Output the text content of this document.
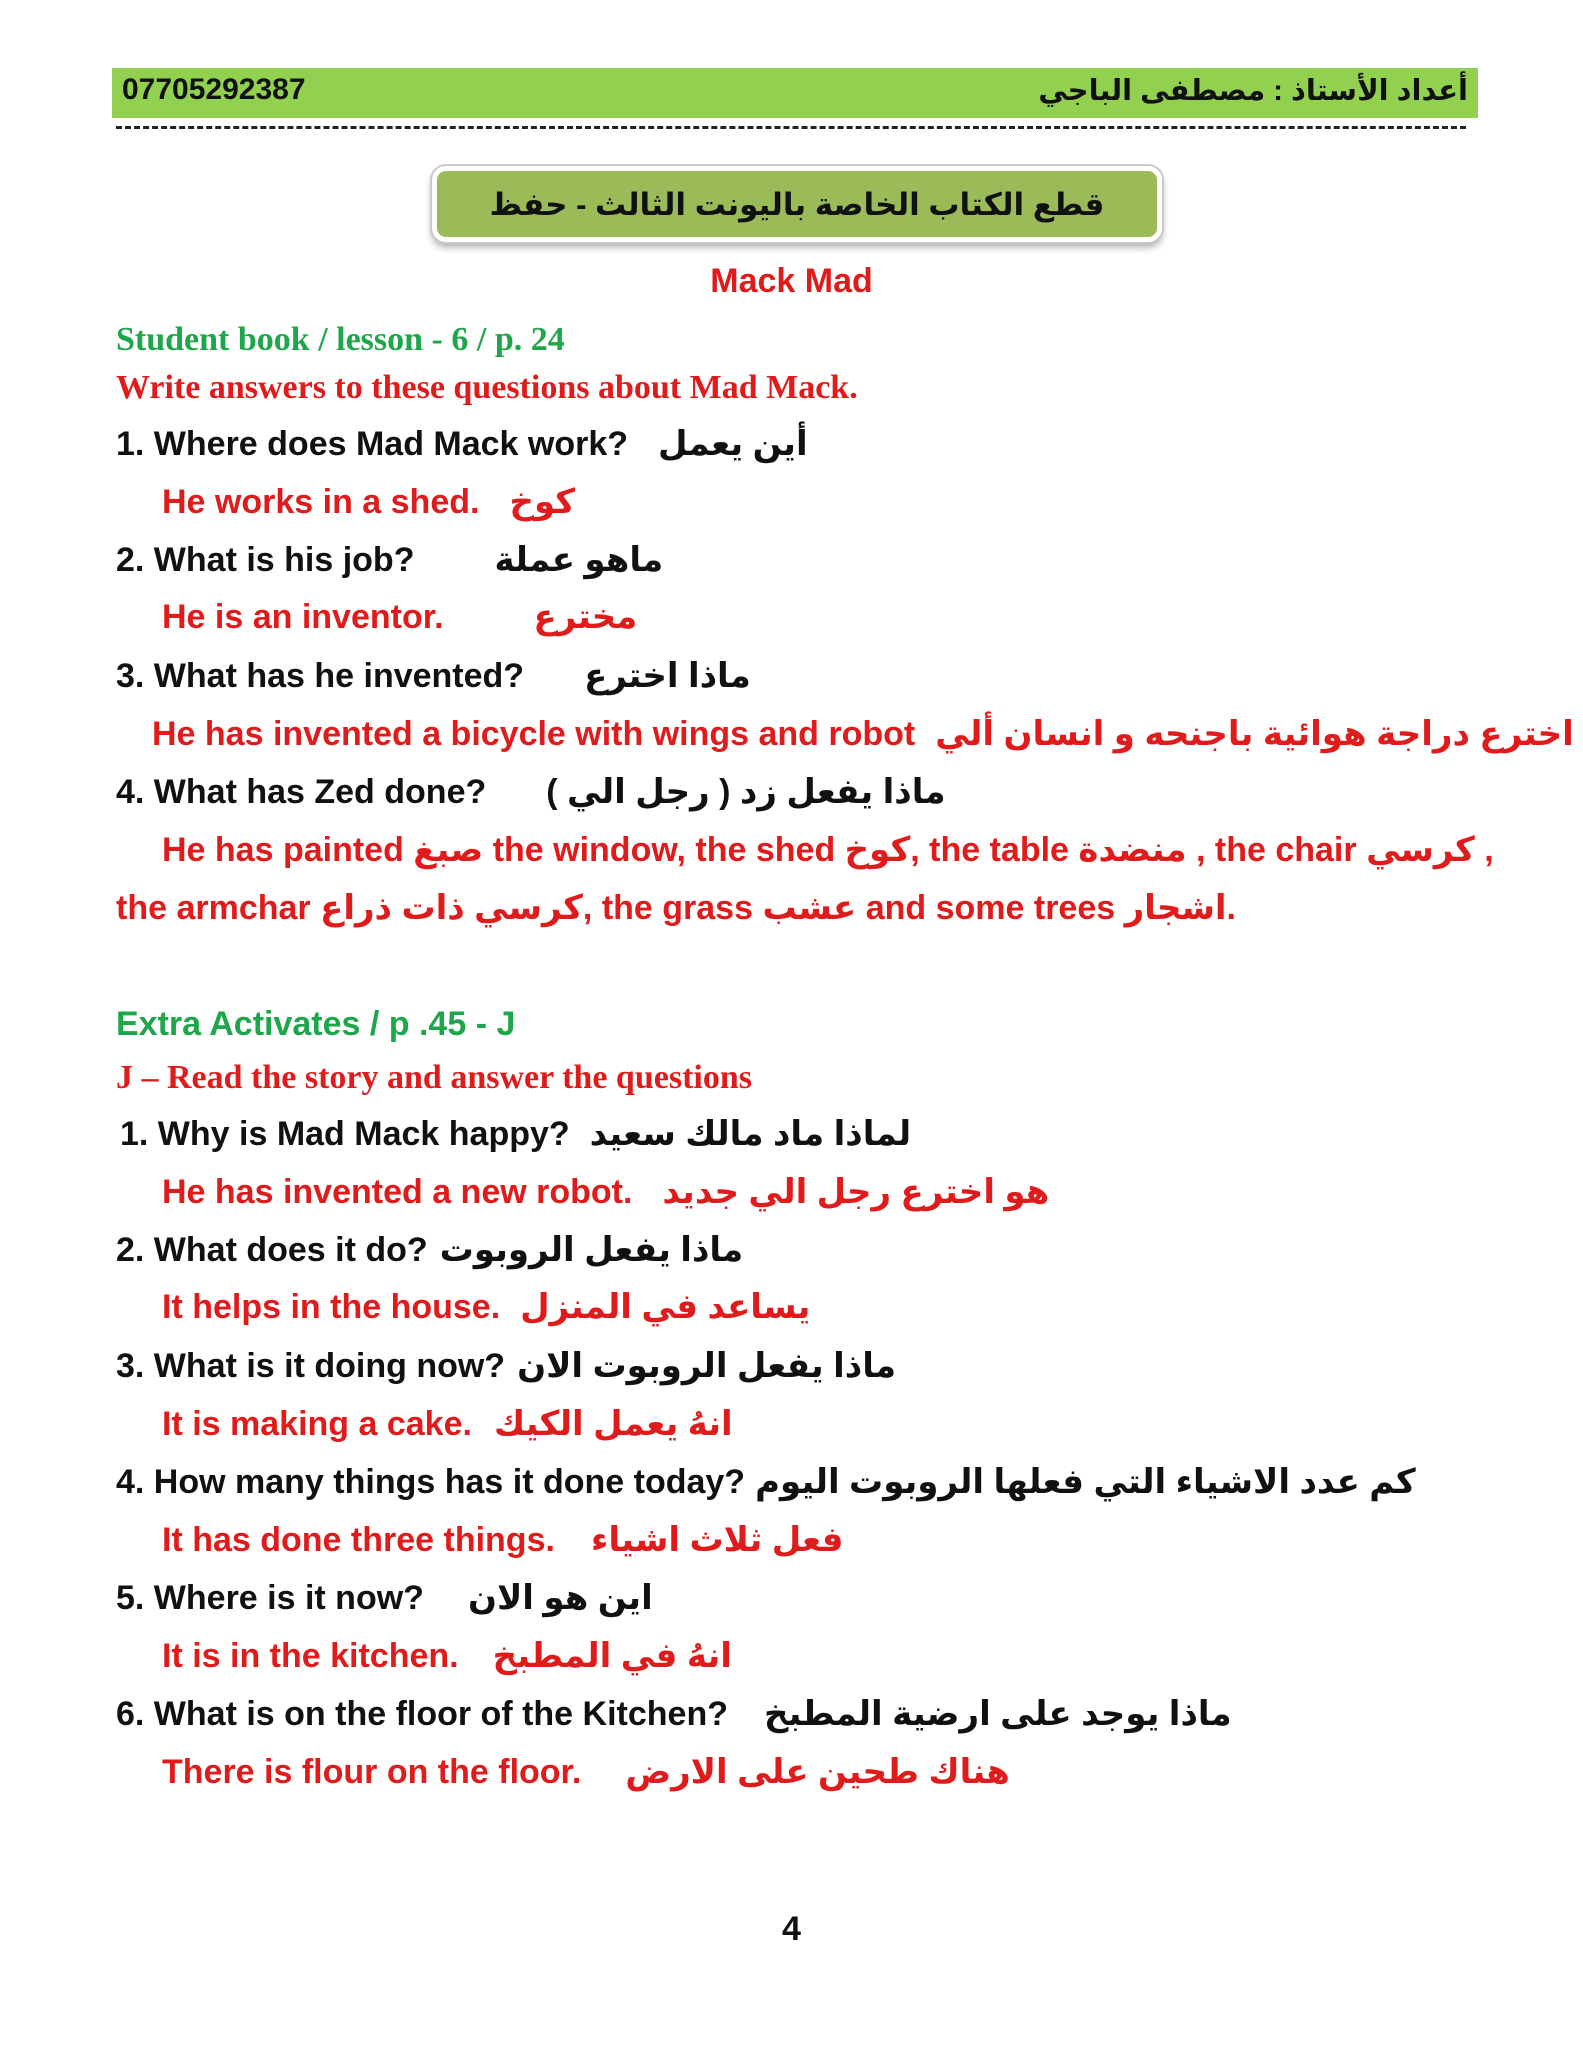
07705292387	أعداد الأستاذ : مصطفى الباجي
قطع الكتاب الخاصة باليونت الثالث - حفظ
Mack Mad
Student book / lesson - 6 / p. 24
Write answers to these questions about Mad Mack.
1. Where does Mad Mack work? أين يعمل
He works in a shed. كوخ
2. What is his job? ماهو عملة
He is an inventor.	مخترع
3. What has he invented? ماذا اخترع
He has invented a bicycle with wings and robot اخترع دراجة هوائية باجنحه و انسان ألي
4. What has Zed done? ماذا يفعل زد ( رجل الي )
He has painted صبغ the window, the shed كوخ, the table منضدة , the chair كرسي ,
the armchar كرسي ذات ذراع, the grass عشب and some trees اشجار.
Extra Activates / p .45 - J
J – Read the story and answer the questions
1. Why is Mad Mack happy? لماذا ماد مالك سعيد
He has invented a new robot. هو اخترع رجل الي جديد
2. What does it do? ماذا يفعل الروبوت
It helps in the house. يساعد في المنزل
3. What is it doing now? ماذا يفعل الروبوت الان
It is making a cake. انهُ يعمل الكيك
4. How many things has it done today? كم عدد الاشياء التي فعلها الروبوت اليوم
It has done three things. فعل ثلاث اشياء
5. Where is it now? اين هو الان
It is in the kitchen. انهُ في المطبخ
6. What is on the floor of the Kitchen? ماذا يوجد على ارضية المطبخ
There is flour on the floor. هناك طحين على الارض
4
